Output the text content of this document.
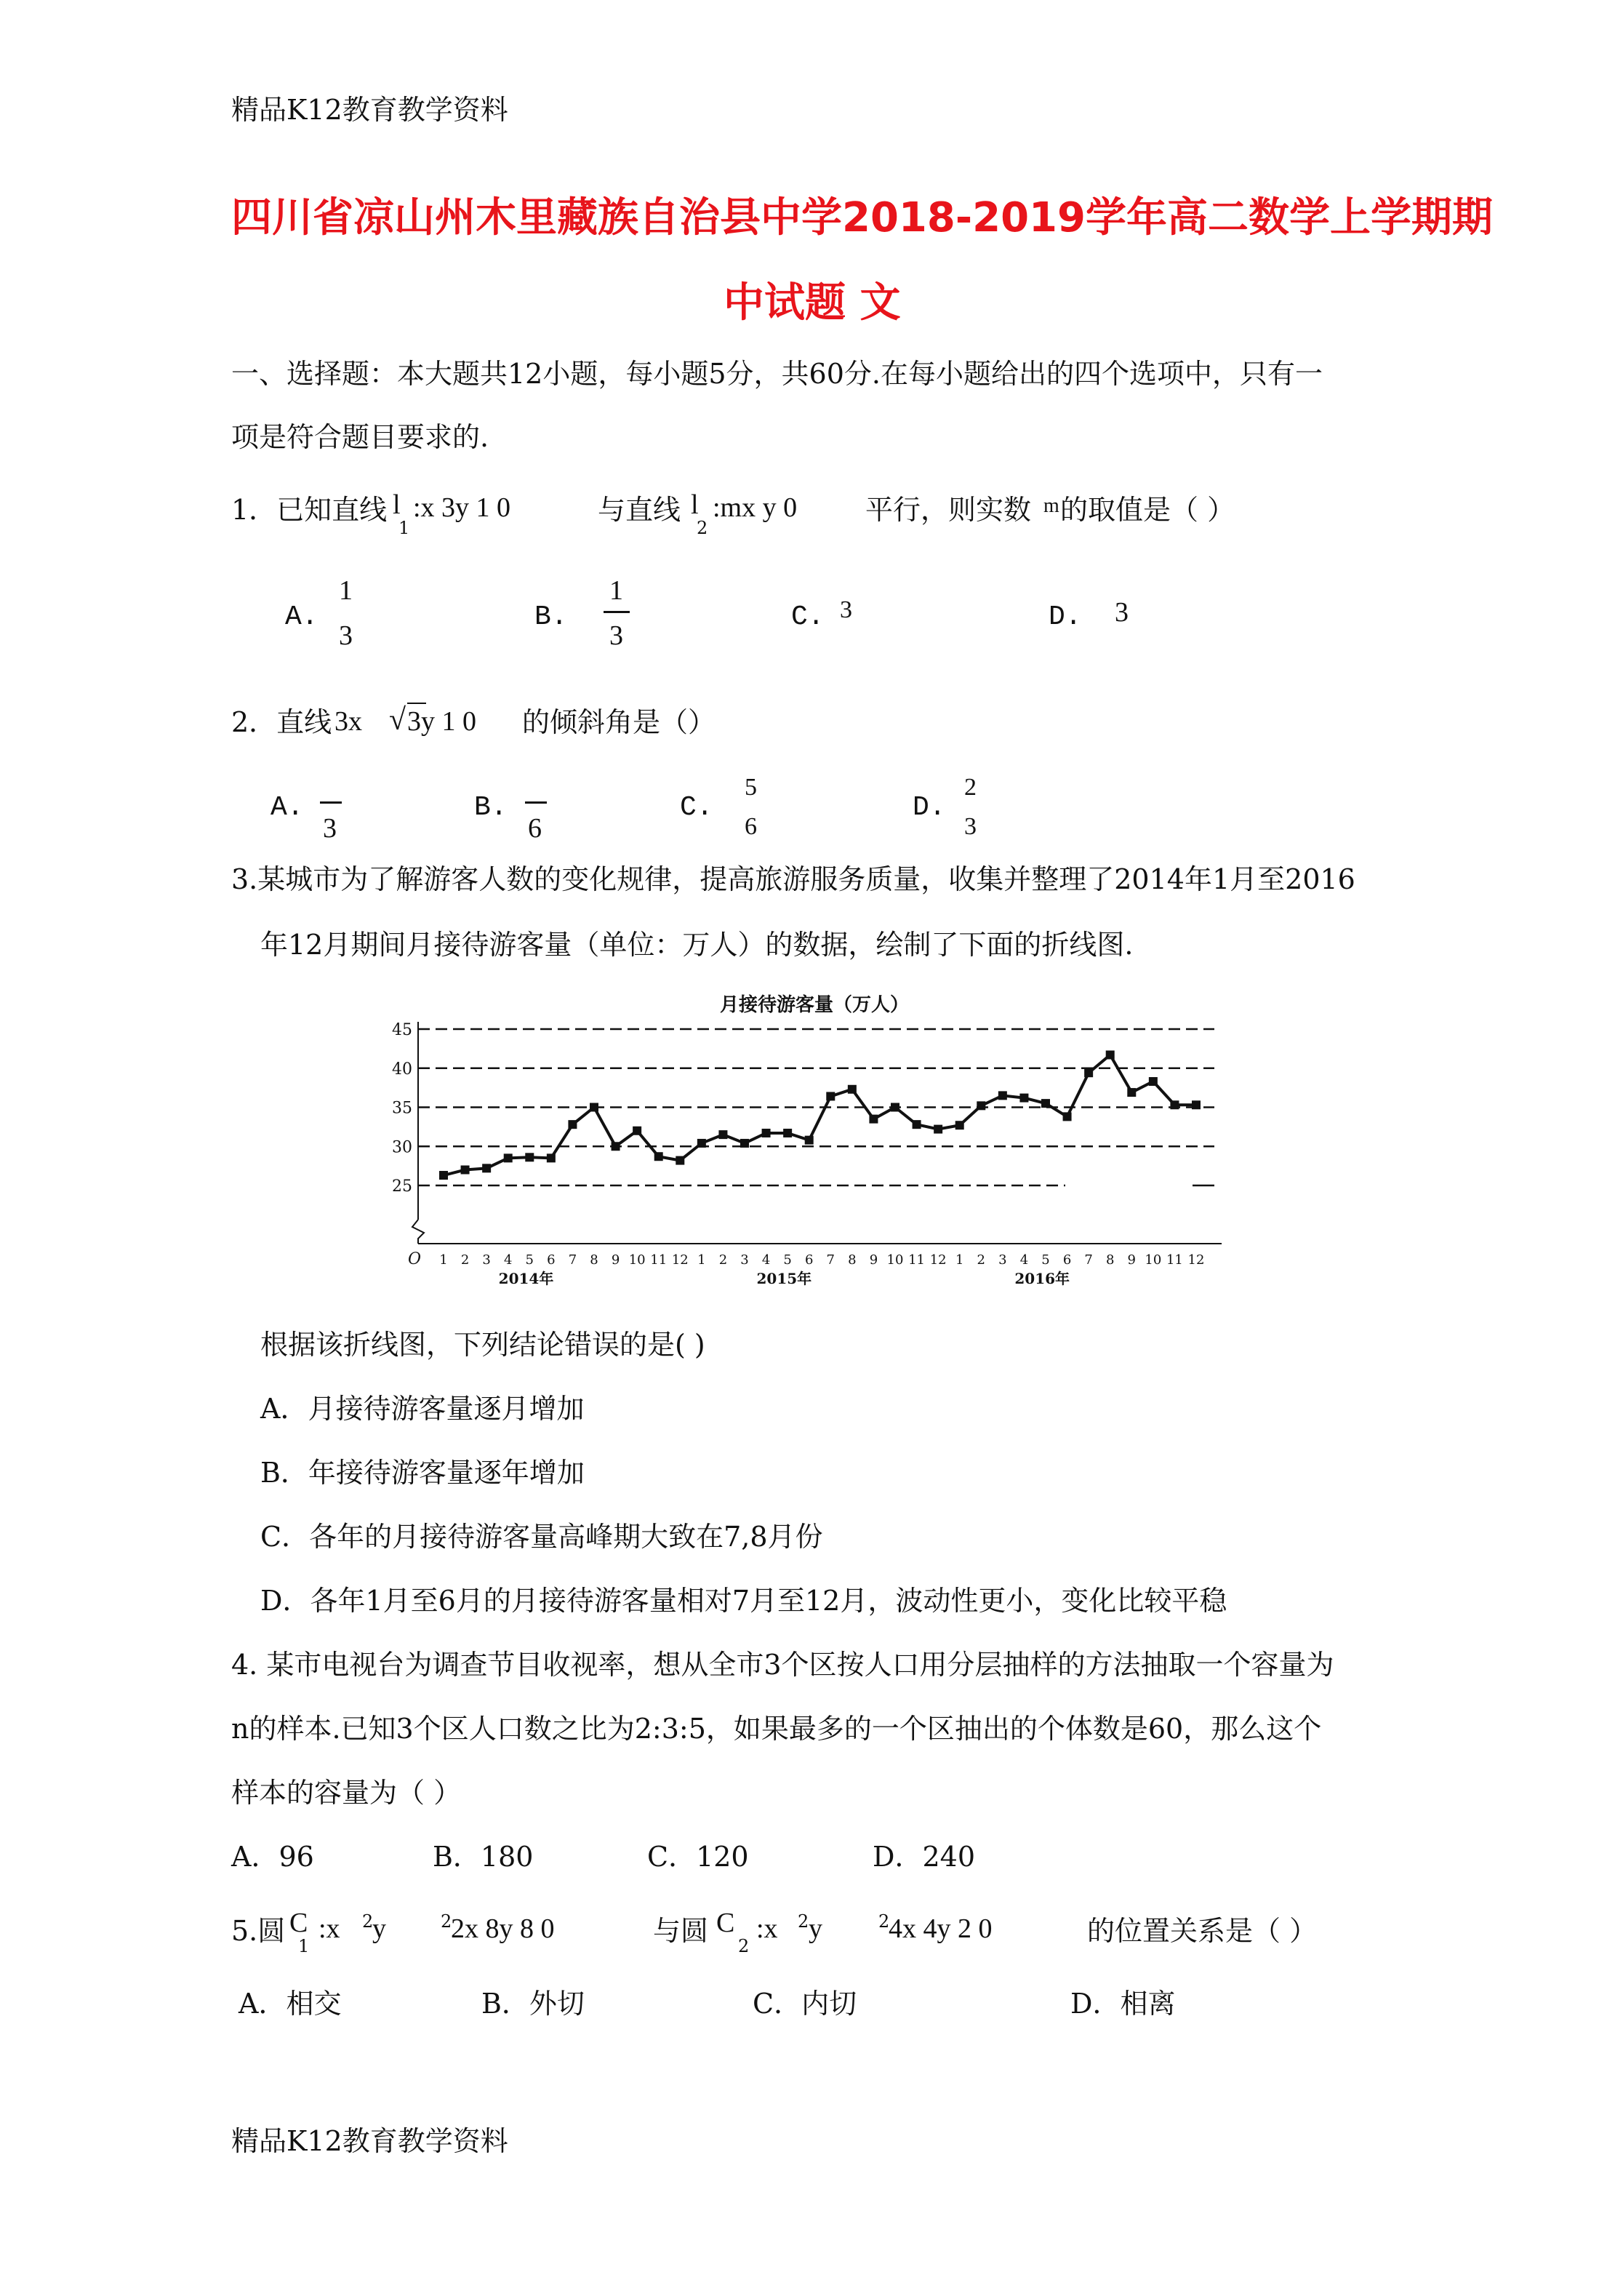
精品K12教育教学资料
精品K12教育教学资料
四川省凉山州木里藏族自治县中学2018-2019学年高二数学上学期期
中试题 文
一、选择题：本大题共12小题，每小题5分，共60分.在每小题给出的四个选项中，只有一
项是符合题目要求的.
1．已知直线 l
1
:x 3y 1 0	与直线 l
2
:mx y 0 平行，则实数 m 的取值是（ ）
A.
1
3
B.
1
3
C. 3	D. 3
2．直线 3x √ 3y 1 0 的倾斜角是（）
A.
3
B.
6
C.
5
6
D.
2
3
3.某城市为了解游客人数的变化规律，提高旅游服务质量，收集并整理了2014年1月至2016
年12月期间月接待游客量（单位：万人）的数据，绘制了下面的折线图.
月接待游客量（万人）
45
40
35
30
25
O 1 2 3 4 5 6 7 8 9 10 11 12 1 2 3 4 5 6 7 8 9 10 11 12 1 2 3 4 5 6 7 8 9 10 11 12
2014年	2015年	2016年
根据该折线图，下列结论错误的是( )
A．月接待游客量逐月增加
B．年接待游客量逐年增加
C．各年的月接待游客量高峰期大致在7,8月份
D．各年1月至6月的月接待游客量相对7月至12月，波动性更小，变化比较平稳
4. 某市电视台为调查节目收视率，想从全市3个区按人口用分层抽样的方法抽取一个容量为
n的样本.已知3个区人口数之比为2:3:5，如果最多的一个区抽出的个体数是60，那么这个
样本的容量为（ ）
A．96	B．180	C．120	D．240
5.圆 C
1
:x 2
y	2
2x 8y 8 0	与圆 C
2
:x 2 y	2
4x 4y 2 0	的位置关系是（ ）
A．相交	B．外切	C．内切	D．相离
